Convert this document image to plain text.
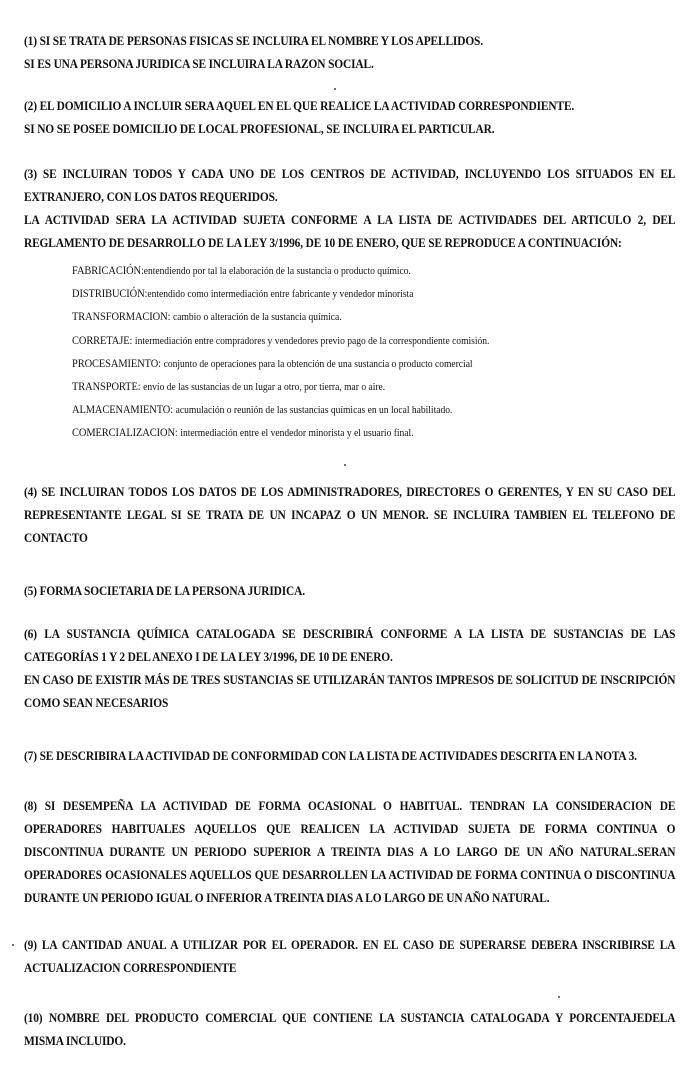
(1) SI SE TRATA DE PERSONAS FISICAS SE INCLUIRA EL NOMBRE Y LOS APELLIDOS.

SI ES UNA PERSONA JURIDICA SE INCLUIRA LA RAZON SOCIAL.

(2) EL DOMICILIO A INCLUIR SERA AQUEL EN EL QUE REALICE LA ACTIVIDAD CORRESPONDIENTE.

SI NO SE POSEE DOMICILIO DE LOCAL PROFESIONAL, SE INCLUIRA EL PARTICULAR.

(3) SE INCLUIRAN TODOS Y CADA UNO DE LOS CENTROS DE ACTIVIDAD, INCLUYENDO LOS SITUADOS EN EL EXTRANJERO, CON LOS DATOS REQUERIDOS.

LA ACTIVIDAD SERA LA ACTIVIDAD SUJETA CONFORME A LA LISTA DE ACTIVIDADES DEL ARTICULO 2, DEL REGLAMENTO DE DESARROLLO DE LA LEY 3/1996, DE 10 DE ENERO, QUE SE REPRODUCE A CONTINUACIÓN:

FABRICACIÓN:entendiendo por tal la elaboración de la sustancia o producto químico.
DISTRIBUCIÓN:entendido como intermediación entre fabricante y vendedor minorista
TRANSFORMACION: cambio o alteración de la sustancia química.
CORRETAJE: intermediación entre compradores y vendedores previo pago de la correspondiente comisión.
PROCESAMIENTO: conjunto de operaciones para la obtención de una sustancia o producto comercial
TRANSPORTE: envío de las sustancias de un lugar a otro, por tierra, mar o aire.
ALMACENAMIENTO: acumulación o reunión de las sustancias químicas en un local habilitado.
COMERCIALIZACION: intermediación entre el vendedor minorista y el usuario final.

(4) SE INCLUIRAN TODOS LOS DATOS DE LOS ADMINISTRADORES, DIRECTORES O GERENTES, Y EN SU CASO DEL REPRESENTANTE LEGAL SI SE TRATA DE UN INCAPAZ O UN MENOR. SE INCLUIRA TAMBIEN EL TELEFONO DE CONTACTO

(5) FORMA SOCIETARIA DE LA PERSONA JURIDICA.

(6) LA SUSTANCIA QUÍMICA CATALOGADA SE DESCRIBIRÁ CONFORME A LA LISTA DE SUSTANCIAS DE LAS CATEGORÍAS 1 Y 2 DEL ANEXO I DE LA LEY 3/1996, DE 10 DE ENERO.

EN CASO DE EXISTIR MÁS DE TRES SUSTANCIAS SE UTILIZARÁN TANTOS IMPRESOS DE SOLICITUD DE INSCRIPCIÓN COMO SEAN NECESARIOS

(7) SE DESCRIBIRA LA ACTIVIDAD DE CONFORMIDAD CON LA LISTA DE ACTIVIDADES DESCRITA EN LA NOTA 3.

(8) SI DESEMPEÑA LA ACTIVIDAD DE FORMA OCASIONAL O HABITUAL. TENDRAN LA CONSIDERACION DE OPERADORES HABITUALES AQUELLOS QUE REALICEN LA ACTIVIDAD SUJETA DE FORMA CONTINUA O DISCONTINUA DURANTE UN PERIODO SUPERIOR A TREINTA DIAS A LO LARGO DE UN AÑO NATURAL.SERAN OPERADORES OCASIONALES AQUELLOS QUE DESARROLLEN LA ACTIVIDAD DE FORMA CONTINUA O DISCONTINUA DURANTE UN PERIODO IGUAL O INFERIOR A TREINTA DIAS A LO LARGO DE UN AÑO NATURAL.

(9) LA CANTIDAD ANUAL A UTILIZAR POR EL OPERADOR. EN EL CASO DE SUPERARSE DEBERA INSCRIBIRSE LA ACTUALIZACION CORRESPONDIENTE

(10) NOMBRE DEL PRODUCTO COMERCIAL QUE CONTIENE LA SUSTANCIA CATALOGADA Y PORCENTAJEDELA MISMA INCLUIDO.
